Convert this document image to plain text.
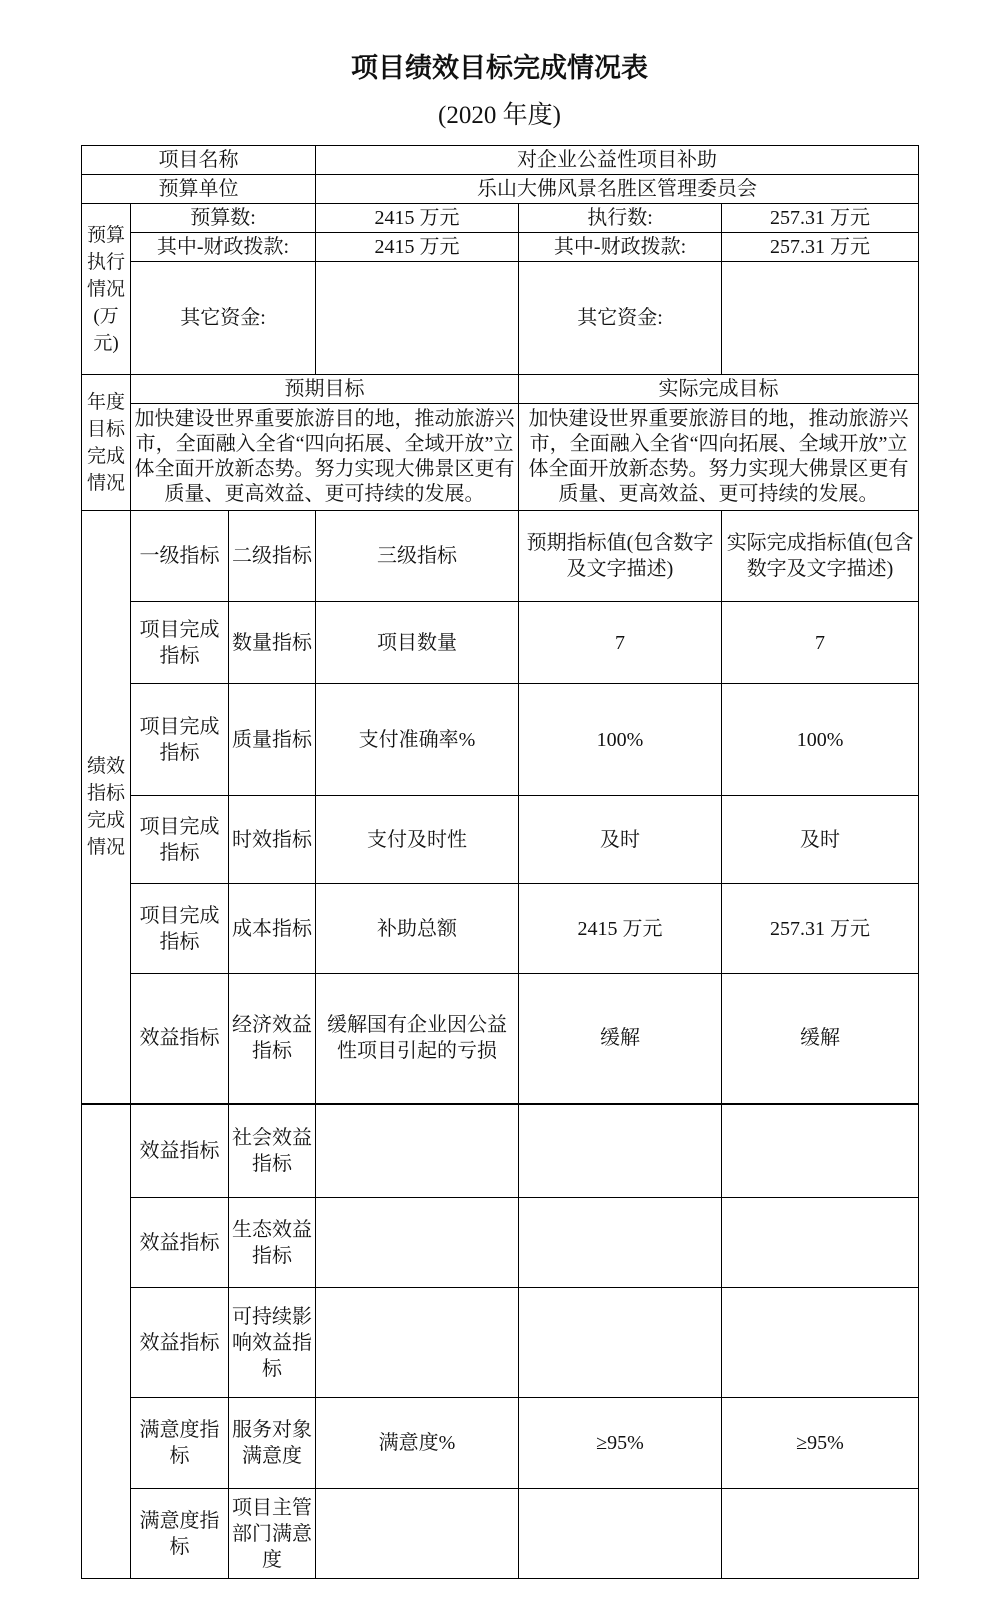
项目绩效目标完成情况表
(2020 年度)
项目名称			对企业公益性项目补助		
预算单位			乐山大佛风景名胜区管理委员会		
预算执行情况(万元)	预算数:		2415 万元	执行数:	257.31 万元
	其中-财政拨款:		2415 万元	其中-财政拨款:	257.31 万元
	其它资金:			其它资金:	
年度目标完成情况	预期目标			实际完成目标	
	加快建设世界重要旅游目的地，推动旅游兴市，全面融入全省“四向拓展、全域开放”立体全面开放新态势。努力实现大佛景区更有质量、更高效益、更可持续的发展。			加快建设世界重要旅游目的地，推动旅游兴市，全面融入全省“四向拓展、全域开放”立体全面开放新态势。努力实现大佛景区更有质量、更高效益、更可持续的发展。	
绩效指标完成情况	一级指标	二级指标	三级指标	预期指标值(包含数字及文字描述)	实际完成指标值(包含数字及文字描述)
	项目完成指标	数量指标	项目数量	7	7
	项目完成指标	质量指标	支付准确率%	100%	100%
	项目完成指标	时效指标	支付及时性	及时	及时
	项目完成指标	成本指标	补助总额	2415 万元	257.31 万元
	效益指标	经济效益指标	缓解国有企业因公益性项目引起的亏损	缓解	缓解
	效益指标	社会效益指标			
	效益指标	生态效益指标			
	效益指标	可持续影响效益指标			
	满意度指标	服务对象满意度	满意度%	≥95%	≥95%
	满意度指标	项目主管部门满意度			
